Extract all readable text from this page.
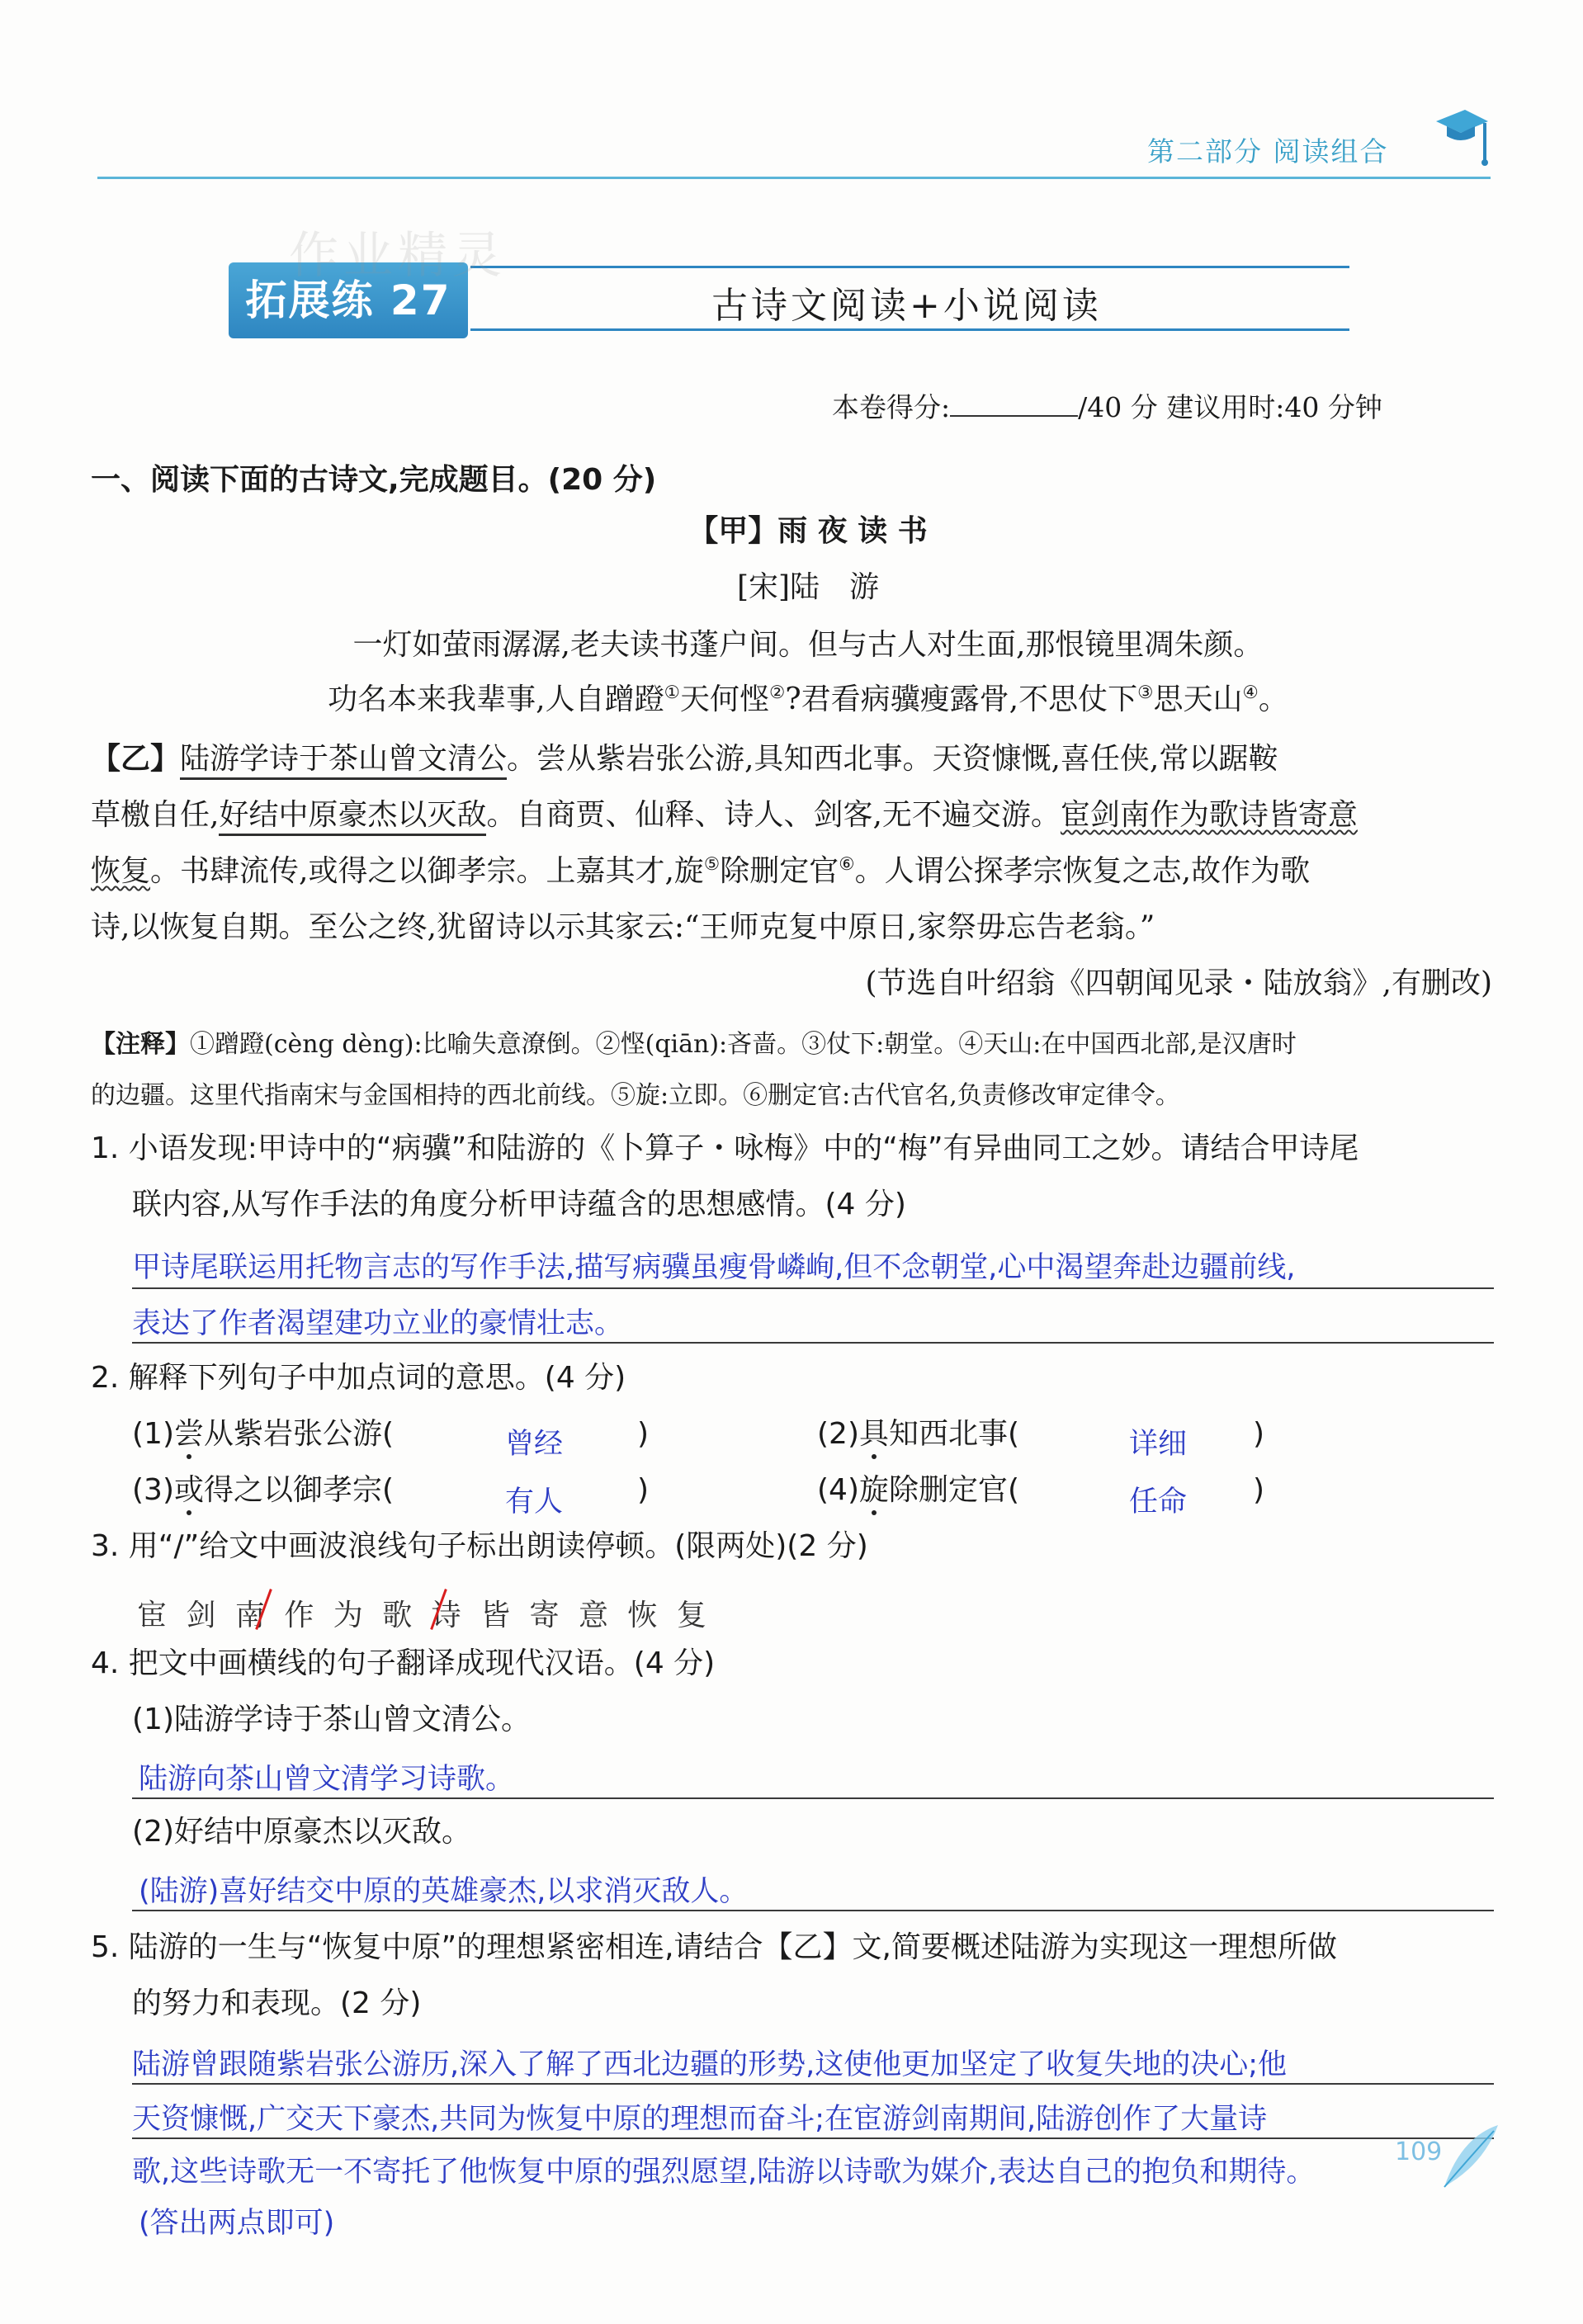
第二部分 阅读组合
拓展练 27	古诗文阅读+小说阅读
作业精灵
本卷得分:	/40 分 建议用时:40 分钟
一、阅读下面的古诗文,完成题目。(20 分)
【甲】雨 夜 读 书
[宋]陆　游
一灯如萤雨潺潺,老夫读书蓬户间。但与古人对生面,那恨镜里凋朱颜。
功名本来我辈事,人自蹭蹬①天何悭②?君看病骥瘦露骨,不思仗下③思天山④。
【乙】陆游学诗于茶山曾文清公。尝从紫岩张公游,具知西北事。天资慷慨,喜任侠,常以踞鞍
草檄自任,好结中原豪杰以灭敌。自商贾、仙释、诗人、剑客,无不遍交游。宦剑南作为歌诗皆寄意
恢复。书肆流传,或得之以御孝宗。上嘉其才,旋⑤除删定官⑥。人谓公探孝宗恢复之志,故作为歌
诗,以恢复自期。至公之终,犹留诗以示其家云:“王师克复中原日,家祭毋忘告老翁。”
(节选自叶绍翁《四朝闻见录・陆放翁》,有删改)
【注释】①蹭蹬(cèng dèng):比喻失意潦倒。②悭(qiān):吝啬。③仗下:朝堂。④天山:在中国西北部,是汉唐时
的边疆。这里代指南宋与金国相持的西北前线。⑤旋:立即。⑥删定官:古代官名,负责修改审定律令。
1. 小语发现:甲诗中的“病骥”和陆游的《卜算子・咏梅》中的“梅”有异曲同工之妙。请结合甲诗尾
联内容,从写作手法的角度分析甲诗蕴含的思想感情。(4 分)
甲诗尾联运用托物言志的写作手法,描写病骥虽瘦骨嶙峋,但不念朝堂,心中渴望奔赴边疆前线,
表达了作者渴望建功立业的豪情壮志。
2. 解释下列句子中加点词的意思。(4 分)
(1)尝从紫岩张公游(	曾经 )	(2)具知西北事(	详细 )
(3)或得之以御孝宗(	有人 )	(4)旋除删定官(	任命 )
3. 用“/”给文中画波浪线句子标出朗读停顿。(限两处)(2 分)
宦 剑 南 作 为 歌 诗 皆 寄 意 恢 复
4. 把文中画横线的句子翻译成现代汉语。(4 分)
(1)陆游学诗于茶山曾文清公。
陆游向茶山曾文清学习诗歌。
(2)好结中原豪杰以灭敌。
(陆游)喜好结交中原的英雄豪杰,以求消灭敌人。
5. 陆游的一生与“恢复中原”的理想紧密相连,请结合【乙】文,简要概述陆游为实现这一理想所做
的努力和表现。(2 分)
陆游曾跟随紫岩张公游历,深入了解了西北边疆的形势,这使他更加坚定了收复失地的决心;他
天资慷慨,广交天下豪杰,共同为恢复中原的理想而奋斗;在宦游剑南期间,陆游创作了大量诗
歌,这些诗歌无一不寄托了他恢复中原的强烈愿望,陆游以诗歌为媒介,表达自己的抱负和期待。
(答出两点即可)
109
